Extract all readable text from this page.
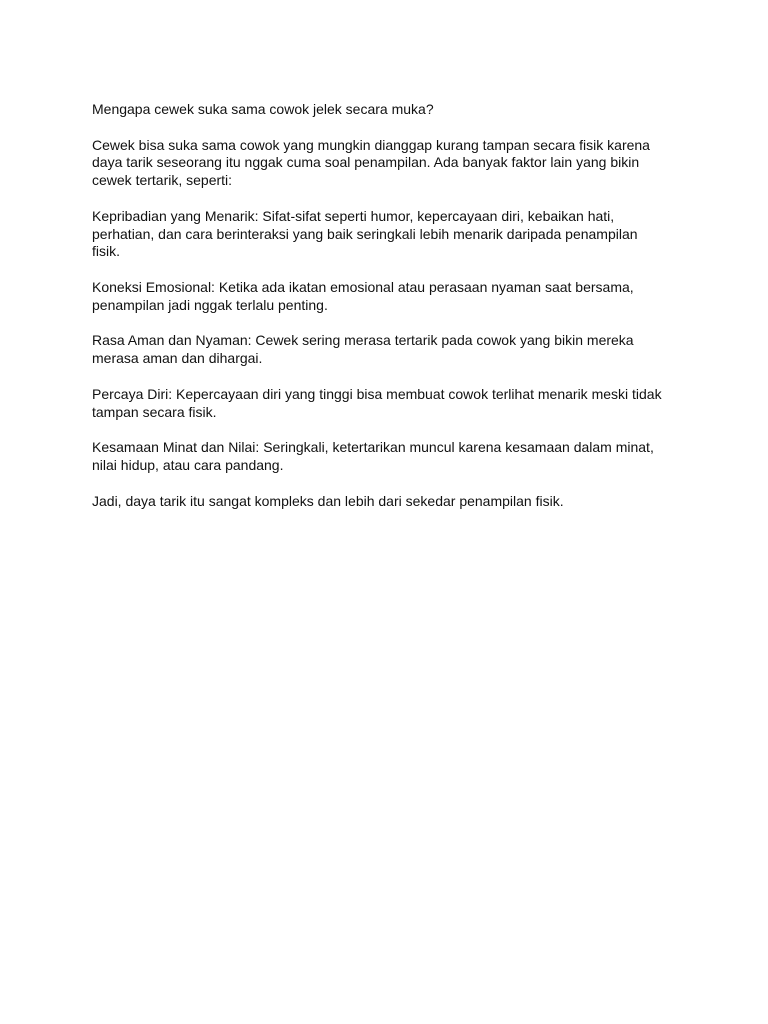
Mengapa cewek suka sama cowok jelek secara muka?

Cewek bisa suka sama cowok yang mungkin dianggap kurang tampan secara fisik karena
daya tarik seseorang itu nggak cuma soal penampilan. Ada banyak faktor lain yang bikin
cewek tertarik, seperti:

Kepribadian yang Menarik: Sifat-sifat seperti humor, kepercayaan diri, kebaikan hati,
perhatian, dan cara berinteraksi yang baik seringkali lebih menarik daripada penampilan
fisik.

Koneksi Emosional: Ketika ada ikatan emosional atau perasaan nyaman saat bersama,
penampilan jadi nggak terlalu penting.

Rasa Aman dan Nyaman: Cewek sering merasa tertarik pada cowok yang bikin mereka
merasa aman dan dihargai.

Percaya Diri: Kepercayaan diri yang tinggi bisa membuat cowok terlihat menarik meski tidak
tampan secara fisik.

Kesamaan Minat dan Nilai: Seringkali, ketertarikan muncul karena kesamaan dalam minat,
nilai hidup, atau cara pandang.

Jadi, daya tarik itu sangat kompleks dan lebih dari sekedar penampilan fisik.
